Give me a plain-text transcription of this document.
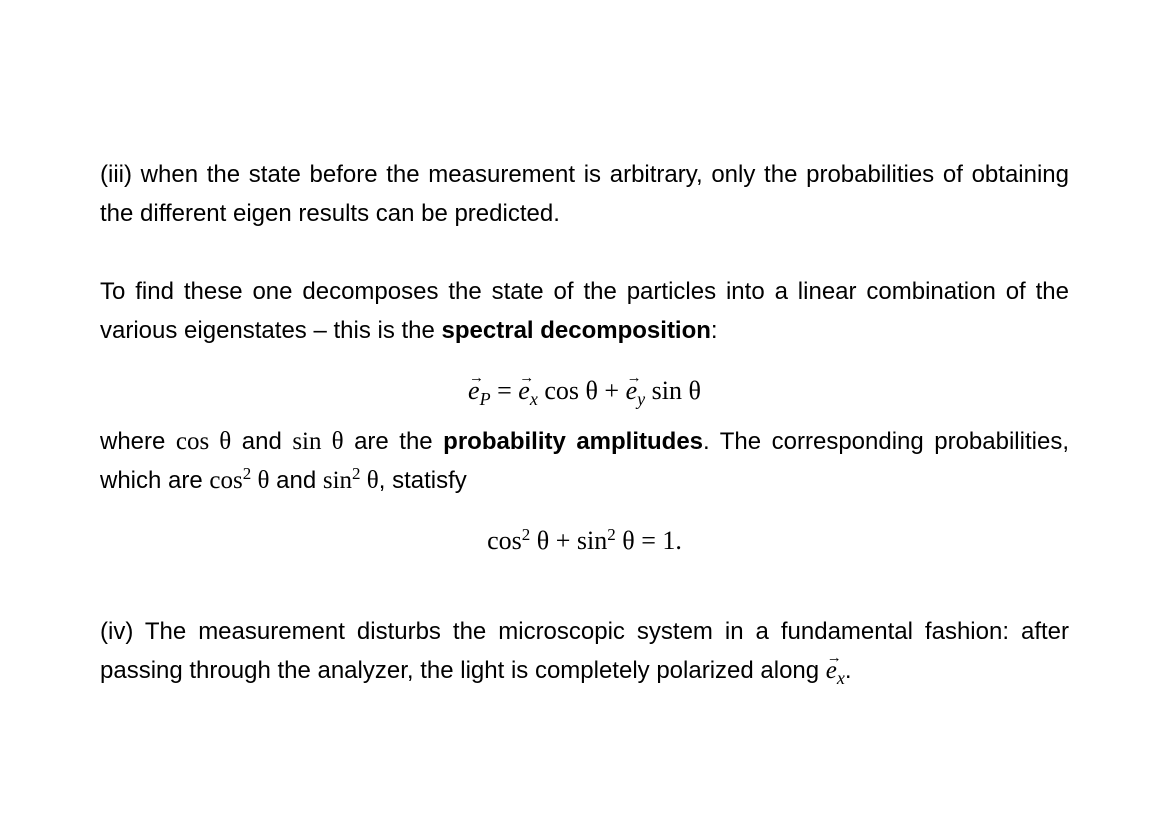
(iii) when the state before the measurement is arbitrary, only the probabilities of obtaining the different eigen results can be predicted.

To find these one decomposes the state of the particles into a linear combination of the various eigenstates – this is the spectral decomposition:

→ $e_P$ = → $e_x$ cos θ + → $e_y$ sin θ

where cos θ and sin θ are the probability amplitudes. The corresponding probabilities, which are $\cos^2 \theta$ and $\sin^2 \theta$, statisfy

$\cos^2 \theta + \sin^2 \theta = 1$.

(iv) The measurement disturbs the microscopic system in a fundamental fashion: after passing through the analyzer, the light is completely polarized along → $e_x$.
